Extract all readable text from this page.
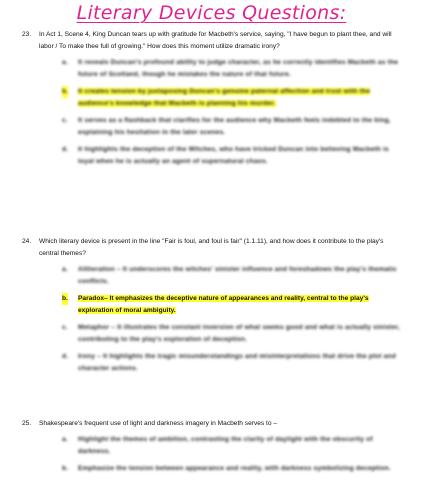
Literary Devices Questions:
23. In Act 1, Scene 4, King Duncan tears up with gratitude for Macbeth's service, saying, "I have begun to plant thee, and will labor / To make thee full of growing." How does this moment utilize dramatic irony?
a. It reveals Duncan's profound ability to judge character, as he correctly identifies Macbeth as the future of Scotland, though he mistakes the nature of that future.
b. It creates tension by juxtaposing Duncan's genuine paternal affection and trust with the audience's knowledge that Macbeth is planning his murder.
c. It serves as a flashback that clarifies for the audience why Macbeth feels indebted to the king, explaining his hesitation in the later scenes.
d. It highlights the deception of the Witches, who have tricked Duncan into believing Macbeth is loyal when he is actually an agent of supernatural chaos.
24. Which literary device is present in the line "Fair is foul, and foul is fair" (1.1.11), and how does it contribute to the play's central themes?
a. Alliteration – It underscores the witches' sinister influence and foreshadows the play's thematic conflicts.
b. Paradox– It emphasizes the deceptive nature of appearances and reality, central to the play's exploration of moral ambiguity.
c. Metaphor – It illustrates the constant inversion of what seems good and what is actually sinister, contributing to the play's exploration of deception.
d. Irony – It highlights the tragic misunderstandings and misinterpretations that drive the plot and character actions.
25. Shakespeare's frequent use of light and darkness imagery in Macbeth serves to –
a. Highlight the themes of ambition, contrasting the clarity of daylight with the obscurity of darkness.
b. Emphasize the tension between appearance and reality, with darkness symbolizing deception.
